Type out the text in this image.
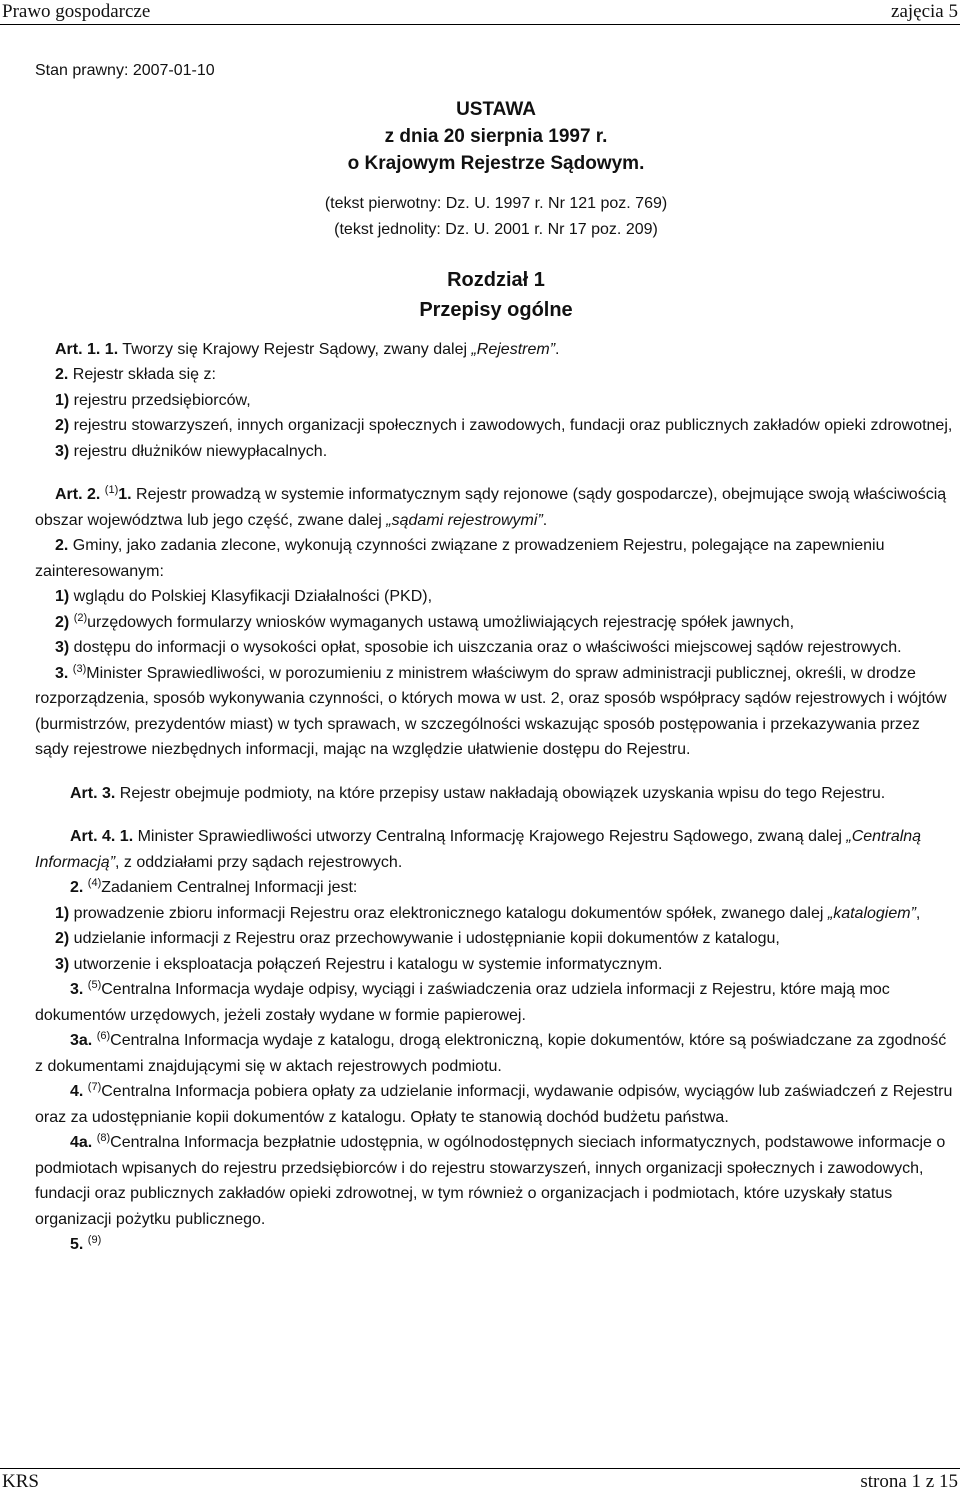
Prawo gospodarcze	zajęcia 5

Stan prawny: 2007-01-10

USTAWA

z dnia 20 sierpnia 1997 r.

o Krajowym Rejestrze Sądowym.

(tekst pierwotny: Dz. U. 1997 r. Nr 121 poz. 769)

(tekst jednolity: Dz. U. 2001 r. Nr 17 poz. 209)

Rozdział 1

Przepisy ogólne

Art. 1. 1. Tworzy się Krajowy Rejestr Sądowy, zwany dalej „Rejestrem”.

2. Rejestr składa się z:

1) rejestru przedsiębiorców,

2) rejestru stowarzyszeń, innych organizacji społecznych i zawodowych, fundacji oraz publicznych zakładów opieki zdrowotnej,

3) rejestru dłużników niewypłacalnych.

Art. 2. $^{(1)}$1. Rejestr prowadzą w systemie informatycznym sądy rejonowe (sądy gospodarcze), obejmujące swoją właściwością obszar województwa lub jego część, zwane dalej „sądami rejestrowymi”.

2. Gminy, jako zadania zlecone, wykonują czynności związane z prowadzeniem Rejestru, polegające na zapewnieniu zainteresowanym:

1) wglądu do Polskiej Klasyfikacji Działalności (PKD),

2) $^{(2)}$urzędowych formularzy wniosków wymaganych ustawą umożliwiających rejestrację spółek jawnych,

3) dostępu do informacji o wysokości opłat, sposobie ich uiszczania oraz o właściwości miejscowej sądów rejestrowych.

3. $^{(3)}$Minister Sprawiedliwości, w porozumieniu z ministrem właściwym do spraw administracji publicznej, określi, w drodze rozporządzenia, sposób wykonywania czynności, o których mowa w ust. 2, oraz sposób współpracy sądów rejestrowych i wójtów (burmistrzów, prezydentów miast) w tych sprawach, w szczególności wskazując sposób postępowania i przekazywania przez sądy rejestrowe niezbędnych informacji, mając na względzie ułatwienie dostępu do Rejestru.

Art. 3. Rejestr obejmuje podmioty, na które przepisy ustaw nakładają obowiązek uzyskania wpisu do tego Rejestru.

Art. 4. 1. Minister Sprawiedliwości utworzy Centralną Informację Krajowego Rejestru Sądowego, zwaną dalej „Centralną Informacją”, z oddziałami przy sądach rejestrowych.

2. $^{(4)}$Zadaniem Centralnej Informacji jest:

1) prowadzenie zbioru informacji Rejestru oraz elektronicznego katalogu dokumentów spółek, zwanego dalej „katalogiem”,

2) udzielanie informacji z Rejestru oraz przechowywanie i udostępnianie kopii dokumentów z katalogu,

3) utworzenie i eksploatacja połączeń Rejestru i katalogu w systemie informatycznym.

3. $^{(5)}$Centralna Informacja wydaje odpisy, wyciągi i zaświadczenia oraz udziela informacji z Rejestru, które mają moc dokumentów urzędowych, jeżeli zostały wydane w formie papierowej.

3a. $^{(6)}$Centralna Informacja wydaje z katalogu, drogą elektroniczną, kopie dokumentów, które są poświadczane za zgodność z dokumentami znajdującymi się w aktach rejestrowych podmiotu.

4. $^{(7)}$Centralna Informacja pobiera opłaty za udzielanie informacji, wydawanie odpisów, wyciągów lub zaświadczeń z Rejestru oraz za udostępnianie kopii dokumentów z katalogu. Opłaty te stanowią dochód budżetu państwa.

4a. $^{(8)}$Centralna Informacja bezpłatnie udostępnia, w ogólnodostępnych sieciach informatycznych, podstawowe informacje o podmiotach wpisanych do rejestru przedsiębiorców i do rejestru stowarzyszeń, innych organizacji społecznych i zawodowych, fundacji oraz publicznych zakładów opieki zdrowotnej, w tym również o organizacjach i podmiotach, które uzyskały status organizacji pożytku publicznego.

5. $^{(9)}$

KRS	strona 1 z 15
